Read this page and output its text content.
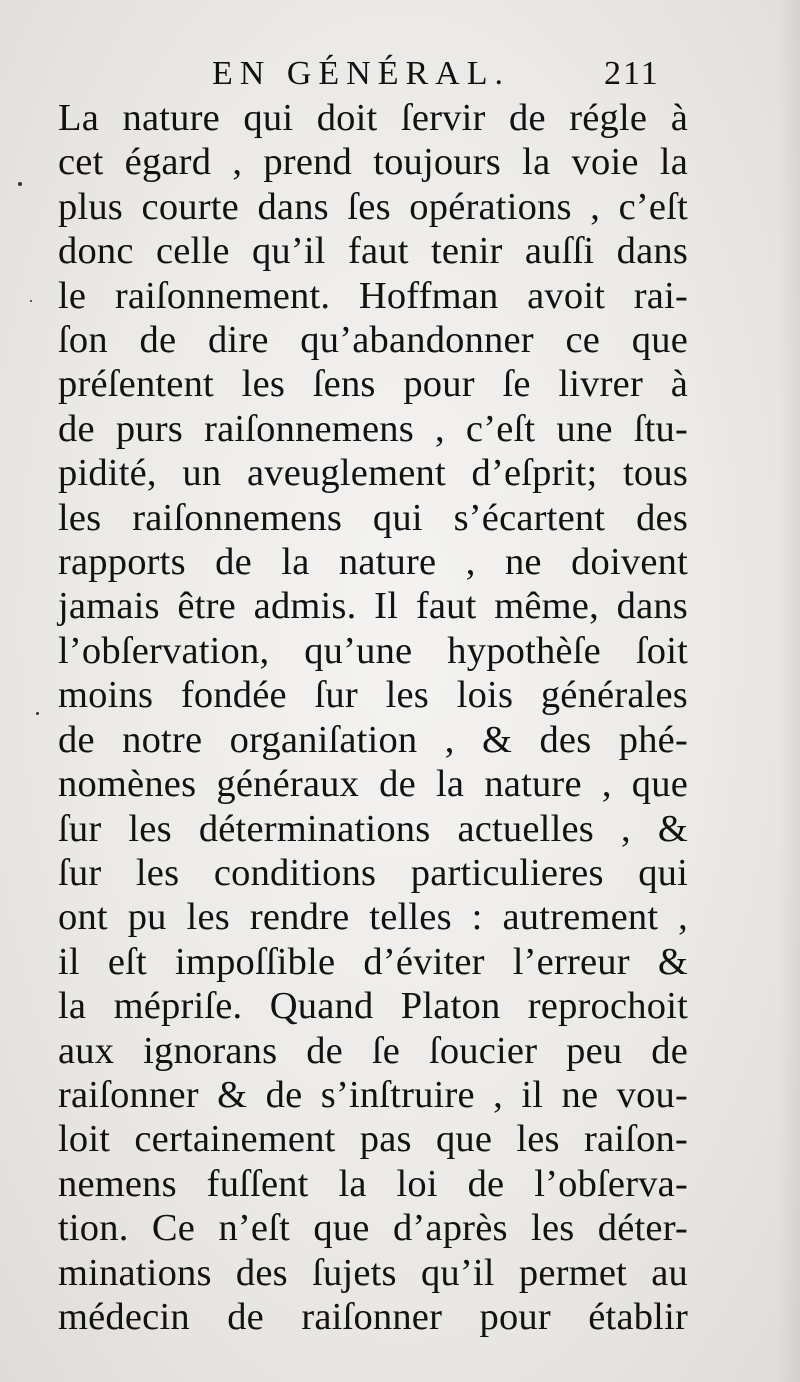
EN GÉNÉRAL.	211
La nature qui doit ſervir de régle à
cet égard , prend toujours la voie la
plus courte dans ſes opérations , c’eſt
donc celle qu’il faut tenir auſſi dans
le raiſonnement. Hoffman avoit rai-
ſon de dire qu’abandonner ce que
préſentent les ſens pour ſe livrer à
de purs raiſonnemens , c’eſt une ſtu-
pidité, un aveuglement d’eſprit; tous
les raiſonnemens qui s’écartent des
rapports de la nature , ne doivent
jamais être admis. Il faut même, dans
l’obſervation, qu’une hypothèſe ſoit
moins fondée ſur les lois générales
de notre organiſation , & des phé-
nomènes généraux de la nature , que
ſur les déterminations actuelles , &
ſur les conditions particulieres qui
ont pu les rendre telles : autrement ,
il eſt impoſſible d’éviter l’erreur &
la mépriſe. Quand Platon reprochoit
aux ignorans de ſe ſoucier peu de
raiſonner & de s’inſtruire , il ne vou-
loit certainement pas que les raiſon-
nemens fuſſent la loi de l’obſerva-
tion. Ce n’eſt que d’après les déter-
minations des ſujets qu’il permet au
médecin de raiſonner pour établir
